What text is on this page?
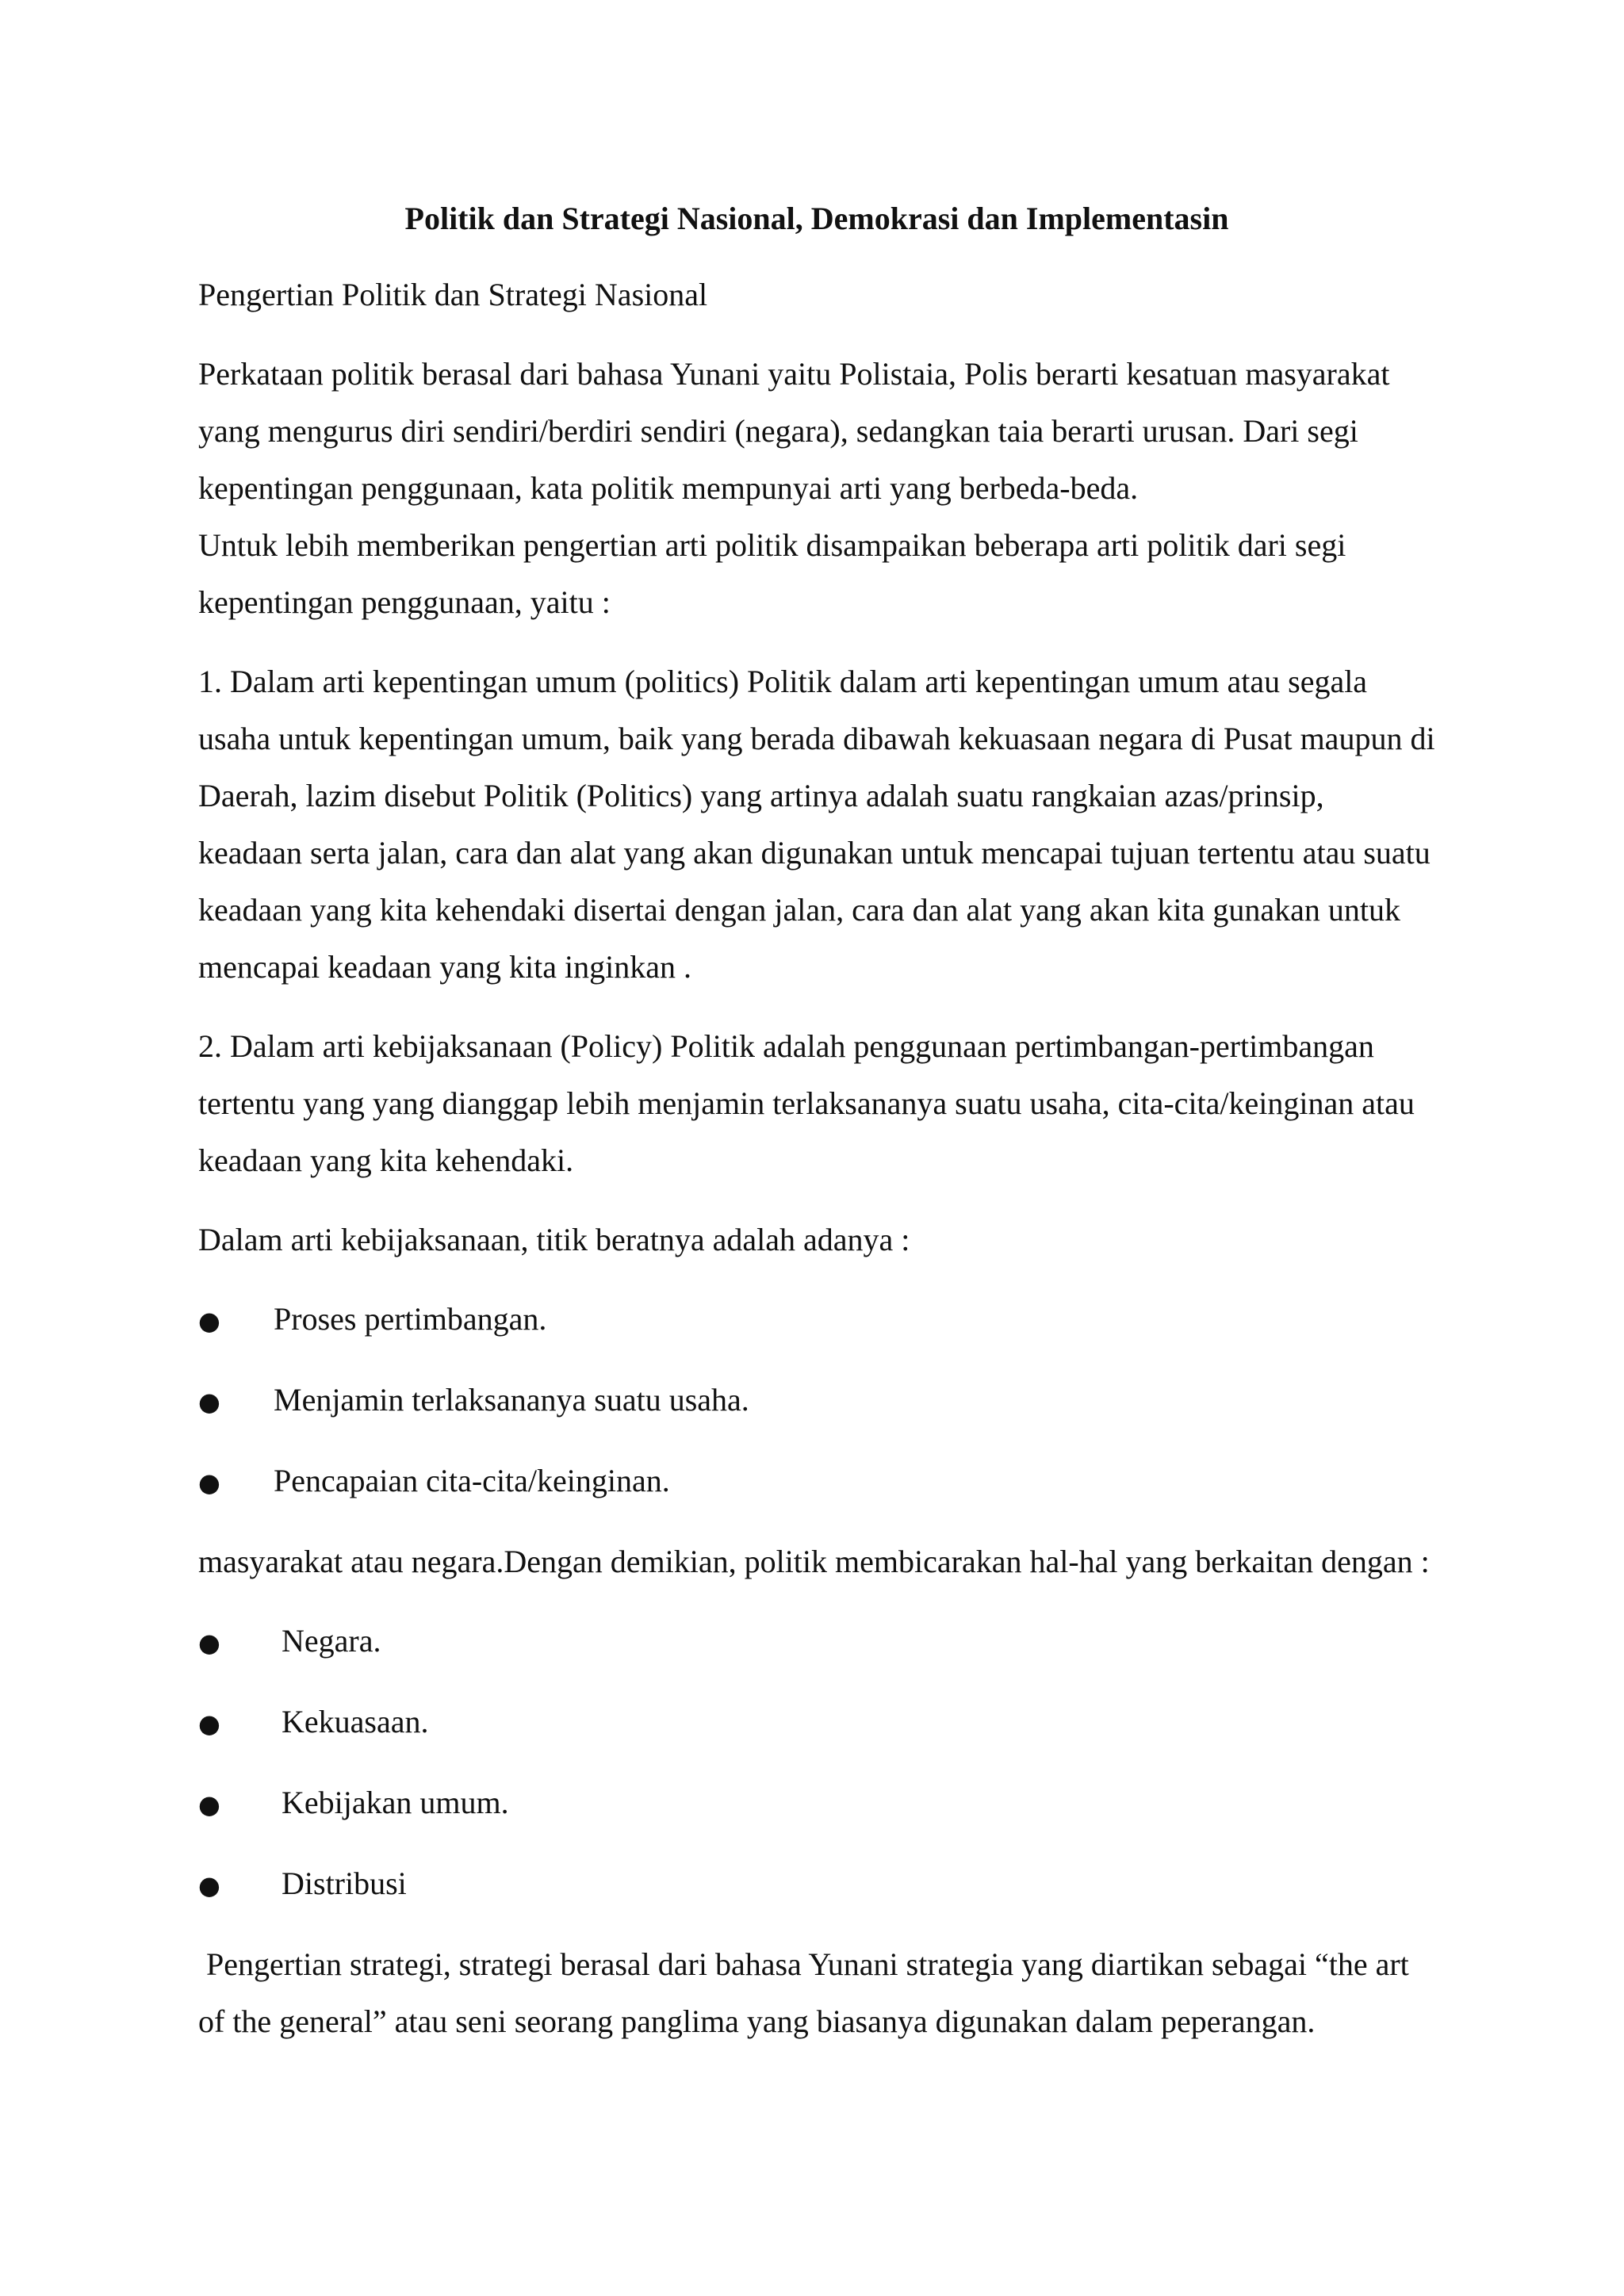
Politik dan Strategi Nasional, Demokrasi dan Implementasin

Pengertian Politik dan Strategi Nasional

Perkataan politik berasal dari bahasa Yunani yaitu Polistaia, Polis berarti kesatuan masyarakat yang mengurus diri sendiri/berdiri sendiri (negara), sedangkan taia berarti urusan. Dari segi kepentingan penggunaan, kata politik mempunyai arti yang berbeda-beda.

Untuk lebih memberikan pengertian arti politik disampaikan beberapa arti politik dari segi kepentingan penggunaan, yaitu :

1. Dalam arti kepentingan umum (politics) Politik dalam arti kepentingan umum atau segala usaha untuk kepentingan umum, baik yang berada dibawah kekuasaan negara di Pusat maupun di Daerah, lazim disebut Politik (Politics) yang artinya adalah suatu rangkaian azas/prinsip, keadaan serta jalan, cara dan alat yang akan digunakan untuk mencapai tujuan tertentu atau suatu keadaan yang kita kehendaki disertai dengan jalan, cara dan alat yang akan kita gunakan untuk mencapai keadaan yang kita inginkan .

2. Dalam arti kebijaksanaan (Policy) Politik adalah penggunaan pertimbangan-pertimbangan tertentu yang yang dianggap lebih menjamin terlaksananya suatu usaha, cita-cita/keinginan atau keadaan yang kita kehendaki.

Dalam arti kebijaksanaan, titik beratnya adalah adanya :

●	Proses pertimbangan.
●	Menjamin terlaksananya suatu usaha.
●	Pencapaian cita-cita/keinginan.

masyarakat atau negara.Dengan demikian, politik membicarakan hal-hal yang berkaitan dengan :

●	Negara.
●	Kekuasaan.
●	Kebijakan umum.
●	Distribusi

Pengertian strategi, strategi berasal dari bahasa Yunani strategia yang diartikan sebagai “the art of the general” atau seni seorang panglima yang biasanya digunakan dalam peperangan.
